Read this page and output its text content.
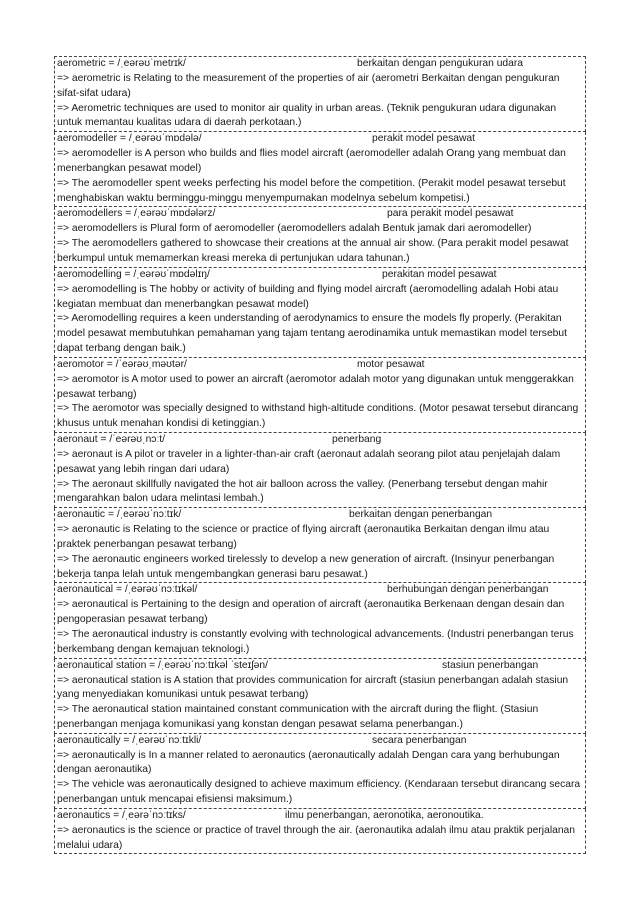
aerometric = /ˌeərəʊˈmetrɪk/	berkaitan dengan pengukuran udara
=> aerometric is Relating to the measurement of the properties of air (aerometri Berkaitan dengan pengukuran sifat-sifat udara)
=> Aerometric techniques are used to monitor air quality in urban areas. (Teknik pengukuran udara digunakan untuk memantau kualitas udara di daerah perkotaan.)
aeromodeller = /ˌeərəʊˈmɒdələ/	perakit model pesawat
=> aeromodeller is A person who builds and flies model aircraft (aeromodeller adalah Orang yang membuat dan menerbangkan pesawat model)
=> The aeromodeller spent weeks perfecting his model before the competition. (Perakit model pesawat tersebut menghabiskan waktu berminggu-minggu menyempurnakan modelnya sebelum kompetisi.)
aeromodellers = /ˌeərəʊˈmɒdələrz/	para perakit model pesawat
=> aeromodellers is Plural form of aeromodeller (aeromodellers adalah Bentuk jamak dari aeromodeller)
=> The aeromodellers gathered to showcase their creations at the annual air show. (Para perakit model pesawat berkumpul untuk memamerkan kreasi mereka di pertunjukan udara tahunan.)
aeromodelling = /ˌeərəʊˈmɒdəlɪŋ/	perakitan model pesawat
=> aeromodelling is The hobby or activity of building and flying model aircraft (aeromodelling adalah Hobi atau kegiatan membuat dan menerbangkan pesawat model)
=> Aeromodelling requires a keen understanding of aerodynamics to ensure the models fly properly. (Perakitan model pesawat membutuhkan pemahaman yang tajam tentang aerodinamika untuk memastikan model tersebut dapat terbang dengan baik.)
aeromotor = /ˈeərəʊˌməʊtər/	motor pesawat
=> aeromotor is A motor used to power an aircraft (aeromotor adalah motor yang digunakan untuk menggerakkan pesawat terbang)
=> The aeromotor was specially designed to withstand high-altitude conditions. (Motor pesawat tersebut dirancang khusus untuk menahan kondisi di ketinggian.)
aeronaut = /ˈeərəʊˌnɔːt/	penerbang
=> aeronaut is A pilot or traveler in a lighter-than-air craft (aeronaut adalah seorang pilot atau penjelajah dalam pesawat yang lebih ringan dari udara)
=> The aeronaut skillfully navigated the hot air balloon across the valley. (Penerbang tersebut dengan mahir mengarahkan balon udara melintasi lembah.)
aeronautic = /ˌeərəʊˈnɔːtɪk/	berkaitan dengan penerbangan
=> aeronautic is Relating to the science or practice of flying aircraft (aeronautika Berkaitan dengan ilmu atau praktek penerbangan pesawat terbang)
=> The aeronautic engineers worked tirelessly to develop a new generation of aircraft. (Insinyur penerbangan bekerja tanpa lelah untuk mengembangkan generasi baru pesawat.)
aeronautical = /ˌeərəʊˈnɔːtɪkəl/	berhubungan dengan penerbangan
=> aeronautical is Pertaining to the design and operation of aircraft (aeronautika Berkenaan dengan desain dan pengoperasian pesawat terbang)
=> The aeronautical industry is constantly evolving with technological advancements. (Industri penerbangan terus berkembang dengan kemajuan teknologi.)
aeronautical station = /ˌeərəʊˈnɔːtɪkəl ˈsteɪʃən/	stasiun penerbangan
=> aeronautical station is A station that provides communication for aircraft (stasiun penerbangan adalah stasiun yang menyediakan komunikasi untuk pesawat terbang)
=> The aeronautical station maintained constant communication with the aircraft during the flight. (Stasiun penerbangan menjaga komunikasi yang konstan dengan pesawat selama penerbangan.)
aeronautically = /ˌeərəʊˈnɔːtɪkli/	secara penerbangan
=> aeronautically is In a manner related to aeronautics (aeronautically adalah Dengan cara yang berhubungan dengan aeronautika)
=> The vehicle was aeronautically designed to achieve maximum efficiency. (Kendaraan tersebut dirancang secara penerbangan untuk mencapai efisiensi maksimum.)
aeronautics = /ˌeərəˈnɔːtɪks/	ilmu penerbangan, aeronotika, aeronoutika.
=> aeronautics is the science or practice of travel through the air. (aeronautika adalah ilmu atau praktik perjalanan melalui udara)
